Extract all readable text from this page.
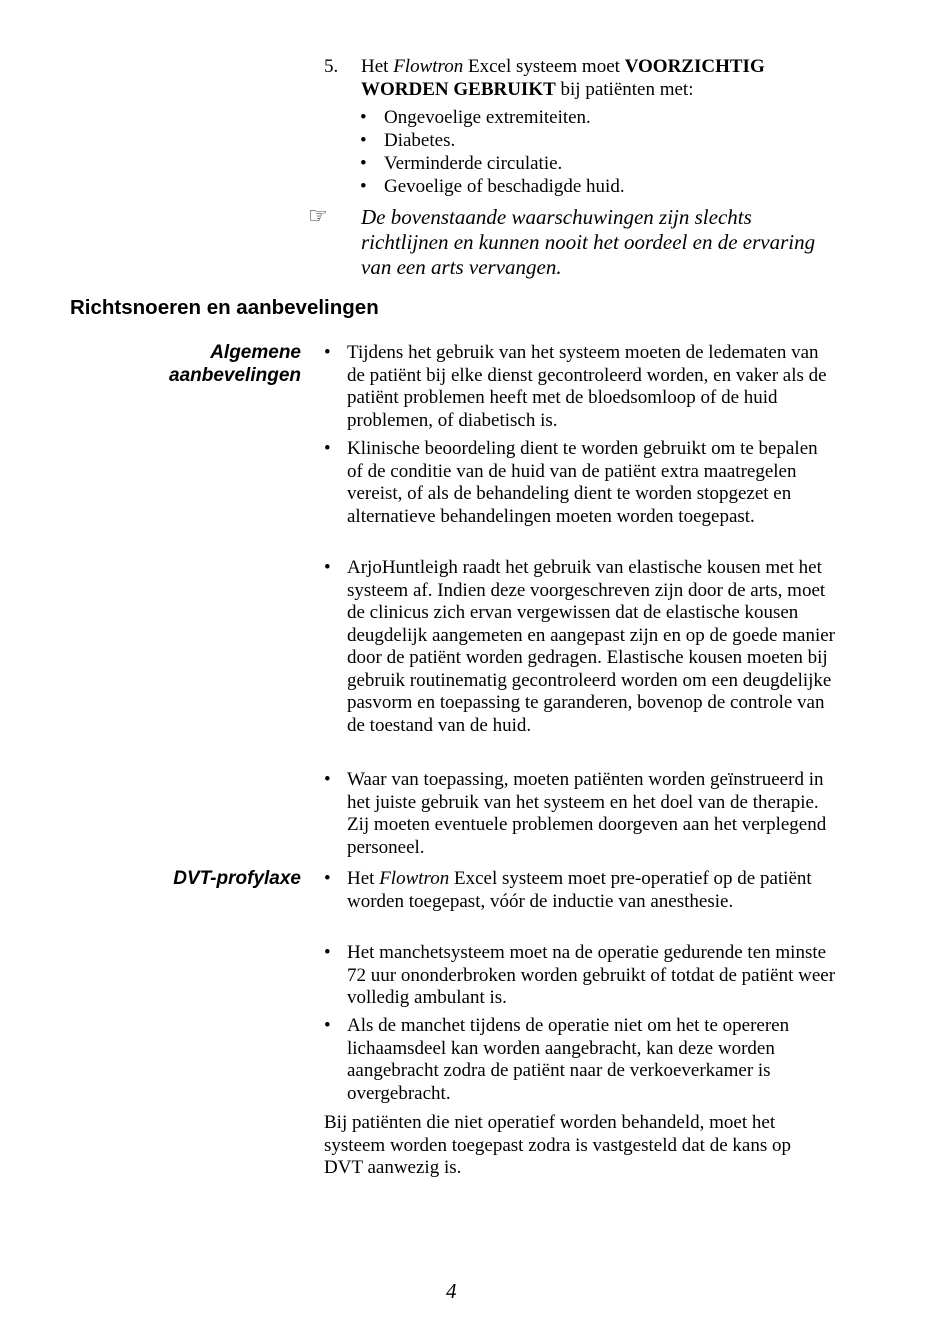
5. Het Flowtron Excel systeem moet VOORZICHTIG WORDEN GEBRUIKT bij patiënten met:
• Ongevoelige extremiteiten.
• Diabetes.
• Verminderde circulatie.
• Gevoelige of beschadigde huid.
☞ De bovenstaande waarschuwingen zijn slechts richtlijnen en kunnen nooit het oordeel en de ervaring van een arts vervangen.
Richtsnoeren en aanbevelingen
Algemene aanbevelingen
DVT-profylaxe
• Tijdens het gebruik van het systeem moeten de ledematen van de patiënt bij elke dienst gecontroleerd worden, en vaker als de patiënt problemen heeft met de bloedsomloop of de huid problemen, of diabetisch is.
• Klinische beoordeling dient te worden gebruikt om te bepalen of de conditie van de huid van de patiënt extra maatregelen vereist, of als de behandeling dient te worden stopgezet en alternatieve behandelingen moeten worden toegepast.
• ArjoHuntleigh raadt het gebruik van elastische kousen met het systeem af. Indien deze voorgeschreven zijn door de arts, moet de clinicus zich ervan vergewissen dat de elastische kousen deugdelijk aangemeten en aangepast zijn en op de goede manier door de patiënt worden gedragen. Elastische kousen moeten bij gebruik routinematig gecontroleerd worden om een deugdelijke pasvorm en toepassing te garanderen, bovenop de controle van de toestand van de huid.
• Waar van toepassing, moeten patiënten worden geïnstrueerd in het juiste gebruik van het systeem en het doel van de therapie. Zij moeten eventuele problemen doorgeven aan het verplegend personeel.
• Het Flowtron Excel systeem moet pre-operatief op de patiënt worden toegepast, vóór de inductie van anesthesie.
• Het manchetsysteem moet na de operatie gedurende ten minste 72 uur ononderbroken worden gebruikt of totdat de patiënt weer volledig ambulant is.
• Als de manchet tijdens de operatie niet om het te opereren lichaamsdeel kan worden aangebracht, kan deze worden aangebracht zodra de patiënt naar de verkoeverkamer is overgebracht.
Bij patiënten die niet operatief worden behandeld, moet het systeem worden toegepast zodra is vastgesteld dat de kans op DVT aanwezig is.
4
